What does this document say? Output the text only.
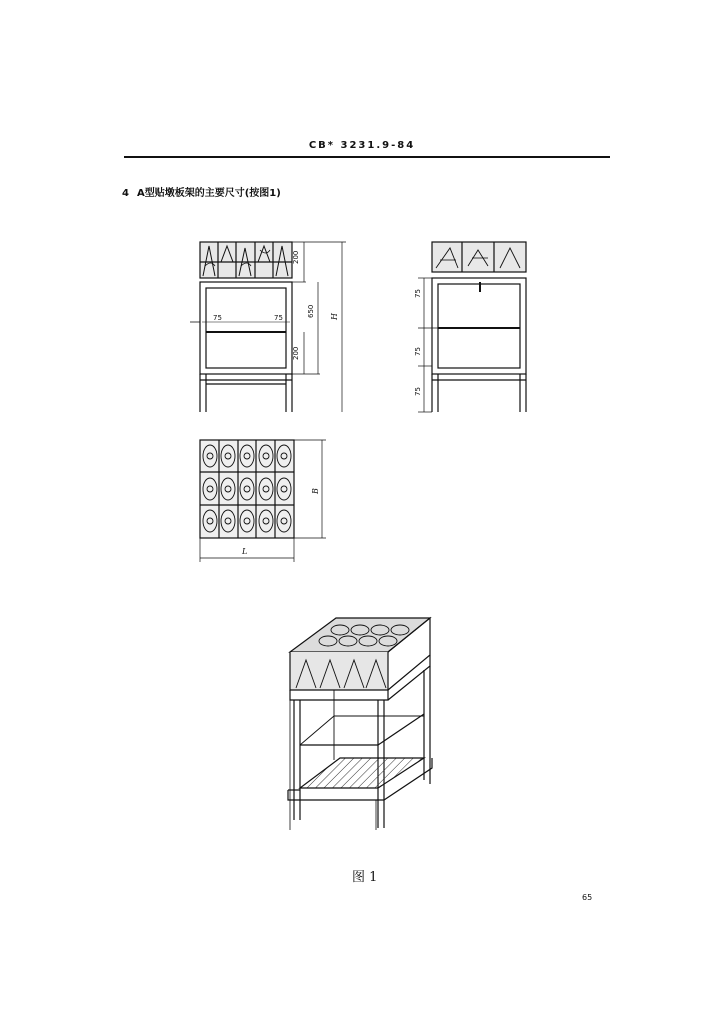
CB* 3231.9-84
4 A型贴墩板架的主要尺寸(按图1)
200
650
200
H
75	75
75
75
75
L
B
图 1
65
